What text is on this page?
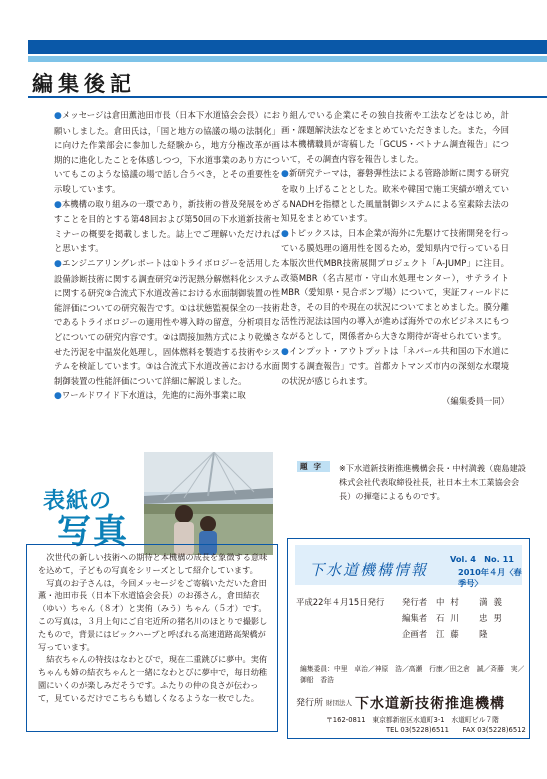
編集後記

●メッセージは倉田薫池田市長（日本下水道協会会長）にお願いしました。倉田氏は，「国と地方の協議の場の法制化」に向けた作業部会に参加した経験から，地方分権改革が画期的に進化したことを体感しつつ，下水道事業のあり方についてもこのような協議の場で話し合うべき，とその重要性を示唆しています。

●本機構の取り組みの一環であり，新技術の普及発展をめざすことを目的とする第48回および第50回の下水道新技術セミナーの概要を掲載しました。誌上でご理解いただければと思います。

●エンジニアリングレポートは①トライボロジーを活用した設備診断技術に関する調査研究②汚泥熱分解燃料化システムに関する研究③合流式下水道改善における水面制御装置の性能評価についての研究報告です。①は状態監視保全の一技術であるトライボロジーの適用性や導入時の留意，分析項目などについての研究内容です。②は間接加熱方式により乾燥させた汚泥を中温炭化処理し，固体燃料を製造する技術やシステムを検証しています。③は合流式下水道改善における水面制御装置の性能評価について詳細に解説しました。

●ワールドワイド下水道は，先進的に海外事業に取

り組んでいる企業にその独自技術や工法などをはじめ，計画・課題解決法などをまとめていただきました。また，今回は本機構職員が寄稿した「GCUS・ベトナム調査報告」について，その調査内容を報告しました。

●新研究テーマは，審磐弾性法による管路診断に関する研究を取り上げることとした。欧米や韓国で施工実績が増えているNADHを指標とした風量制御システムによる室素除去法の知見をまとめています。

●トピックスは，日本企業が海外に先駆けて技術開発を行っている膜処理の適用性を図るため，愛知県内で行っている日本版次世代MBR技術展開プロジェクト「A-JUMP」に注目。改築MBR（名古屋市・守山水処理センター），サテライトMBR（愛知県・見合ポンプ場）について，実証フィールドに赴き，その目的や現在の状況についてまとめました。膜分離活性汚泥法は国内の導入が進めば海外での水ビジネスにもつながるとして，関係者から大きな期待が寄せられています。

●インプット・アウトプットは「ネパール共和国の下水道に関する調査報告」です。首都カトマンズ市内の深刻な水環境の状況が感じられます。

（編集委員一同）

表紙の
写真

次世代の新しい技術への期待と本機構の成長を象徴する意味を込めて，子どもの写真をシリーズとして紹介しています。

写真のお子さんは，今回メッセージをご寄稿いただいた倉田薫・池田市長（日本下水道協会会長）のお孫さん，倉田結衣（ゆい）ちゃん（８才）と実侑（みう）ちゃん（５才）です。この写真は，３月上旬にご自宅近所の猪名川のほとりで撮影したもので，背景にはビックハープと呼ばれる高速道路高架橋が写っています。

結衣ちゃんの特技はなわとびで，現在二重跳びに夢中。実侑ちゃんも姉の結衣ちゃんと一緒になわとびに夢中で，毎日幼稚園にいくのが楽しみだそうです。ふたりの仲の良さが伝わって，見ているだけでこちらも嬉しくなるような一枚でした。

題字	※下水道新技術推進機構会長・中村満義（鹿島建設株式会社代表取締役社長，社日本土木工業協会会長）の揮毫によるものです。
下水道機構情報
Vol. 4　No. 11
2010年４月〈春季号〉
平成22年４月15日発行 発行者 中村　満義
編集者 石川　忠男
企画者 江藤　隆
編集委員：中里　卓治／神原　浩／高瀬　行康／田之倉　誠／斉藤　実／御船　香浩
発行所 財団法人 下水道新技術推進機構
〒162-0811　東京都新宿区水道町3-1　水道町ビル７階
TEL 03(5228)6511　　FAX 03(5228)6512
